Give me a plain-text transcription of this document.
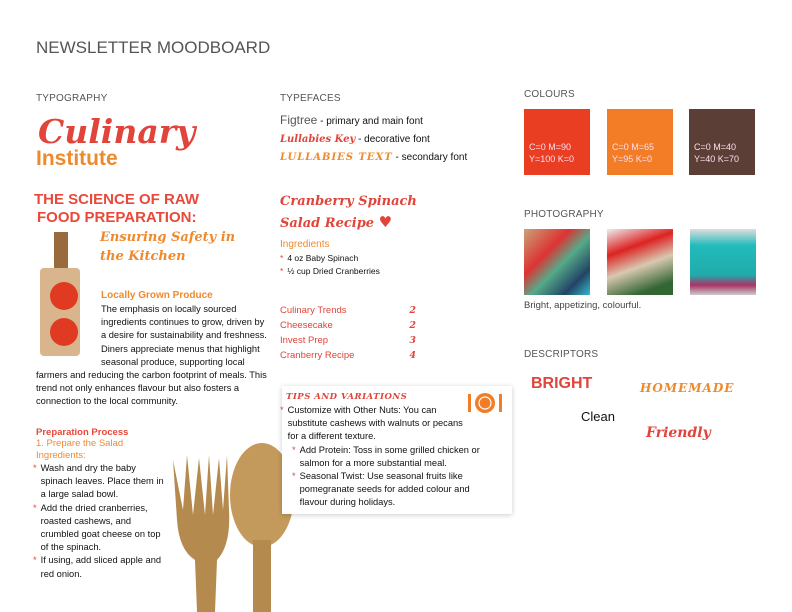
NEWSLETTER MOODBOARD
TYPOGRAPHY
Culinary
Institute
THE SCIENCE OF RAW
FOOD PREPARATION:
Ensuring Safety in
the Kitchen
Locally Grown Produce
The emphasis on locally sourced ingredients continues to grow, driven by a desire for sustainability and freshness. Diners appreciate menus that highlight seasonal produce, supporting local farmers and reducing the carbon footprint of meals. This trend not only enhances flavour but also fosters a connection to the local community.
Preparation Process
1. Prepare the Salad Ingredients:
* Wash and dry the baby spinach leaves. Place them in a large salad bowl.
* Add the dried cranberries, roasted cashews, and crumbled goat cheese on top of the spinach.
* If using, add sliced apple and red onion.
TYPEFACES
Figtree - primary and main font
Lullabies Key - decorative font
LULLABIES TEXT - secondary font
Cranberry Spinach
Salad Recipe ♥
Ingredients
* 4 oz Baby Spinach
* ½ cup Dried Cranberries
Culinary Trends	2
Cheesecake	2
Invest Prep	3
Cranberry Recipe	4
TIPS AND VARIATIONS
* Customize with Other Nuts: You can substitute cashews with walnuts or pecans for a different texture.
* Add Protein: Toss in some grilled chicken or salmon for a more substantial meal.
* Seasonal Twist: Use seasonal fruits like pomegranate seeds for added colour and flavour during holidays.
COLOURS
C=0 M=90
Y=100 K=0
C=0 M=65
Y=95 K=0
C=0 M=40
Y=40 K=70
PHOTOGRAPHY
Bright, appetizing, colourful.
DESCRIPTORS
BRIGHT	HOMEMADE
Clean
Friendly
